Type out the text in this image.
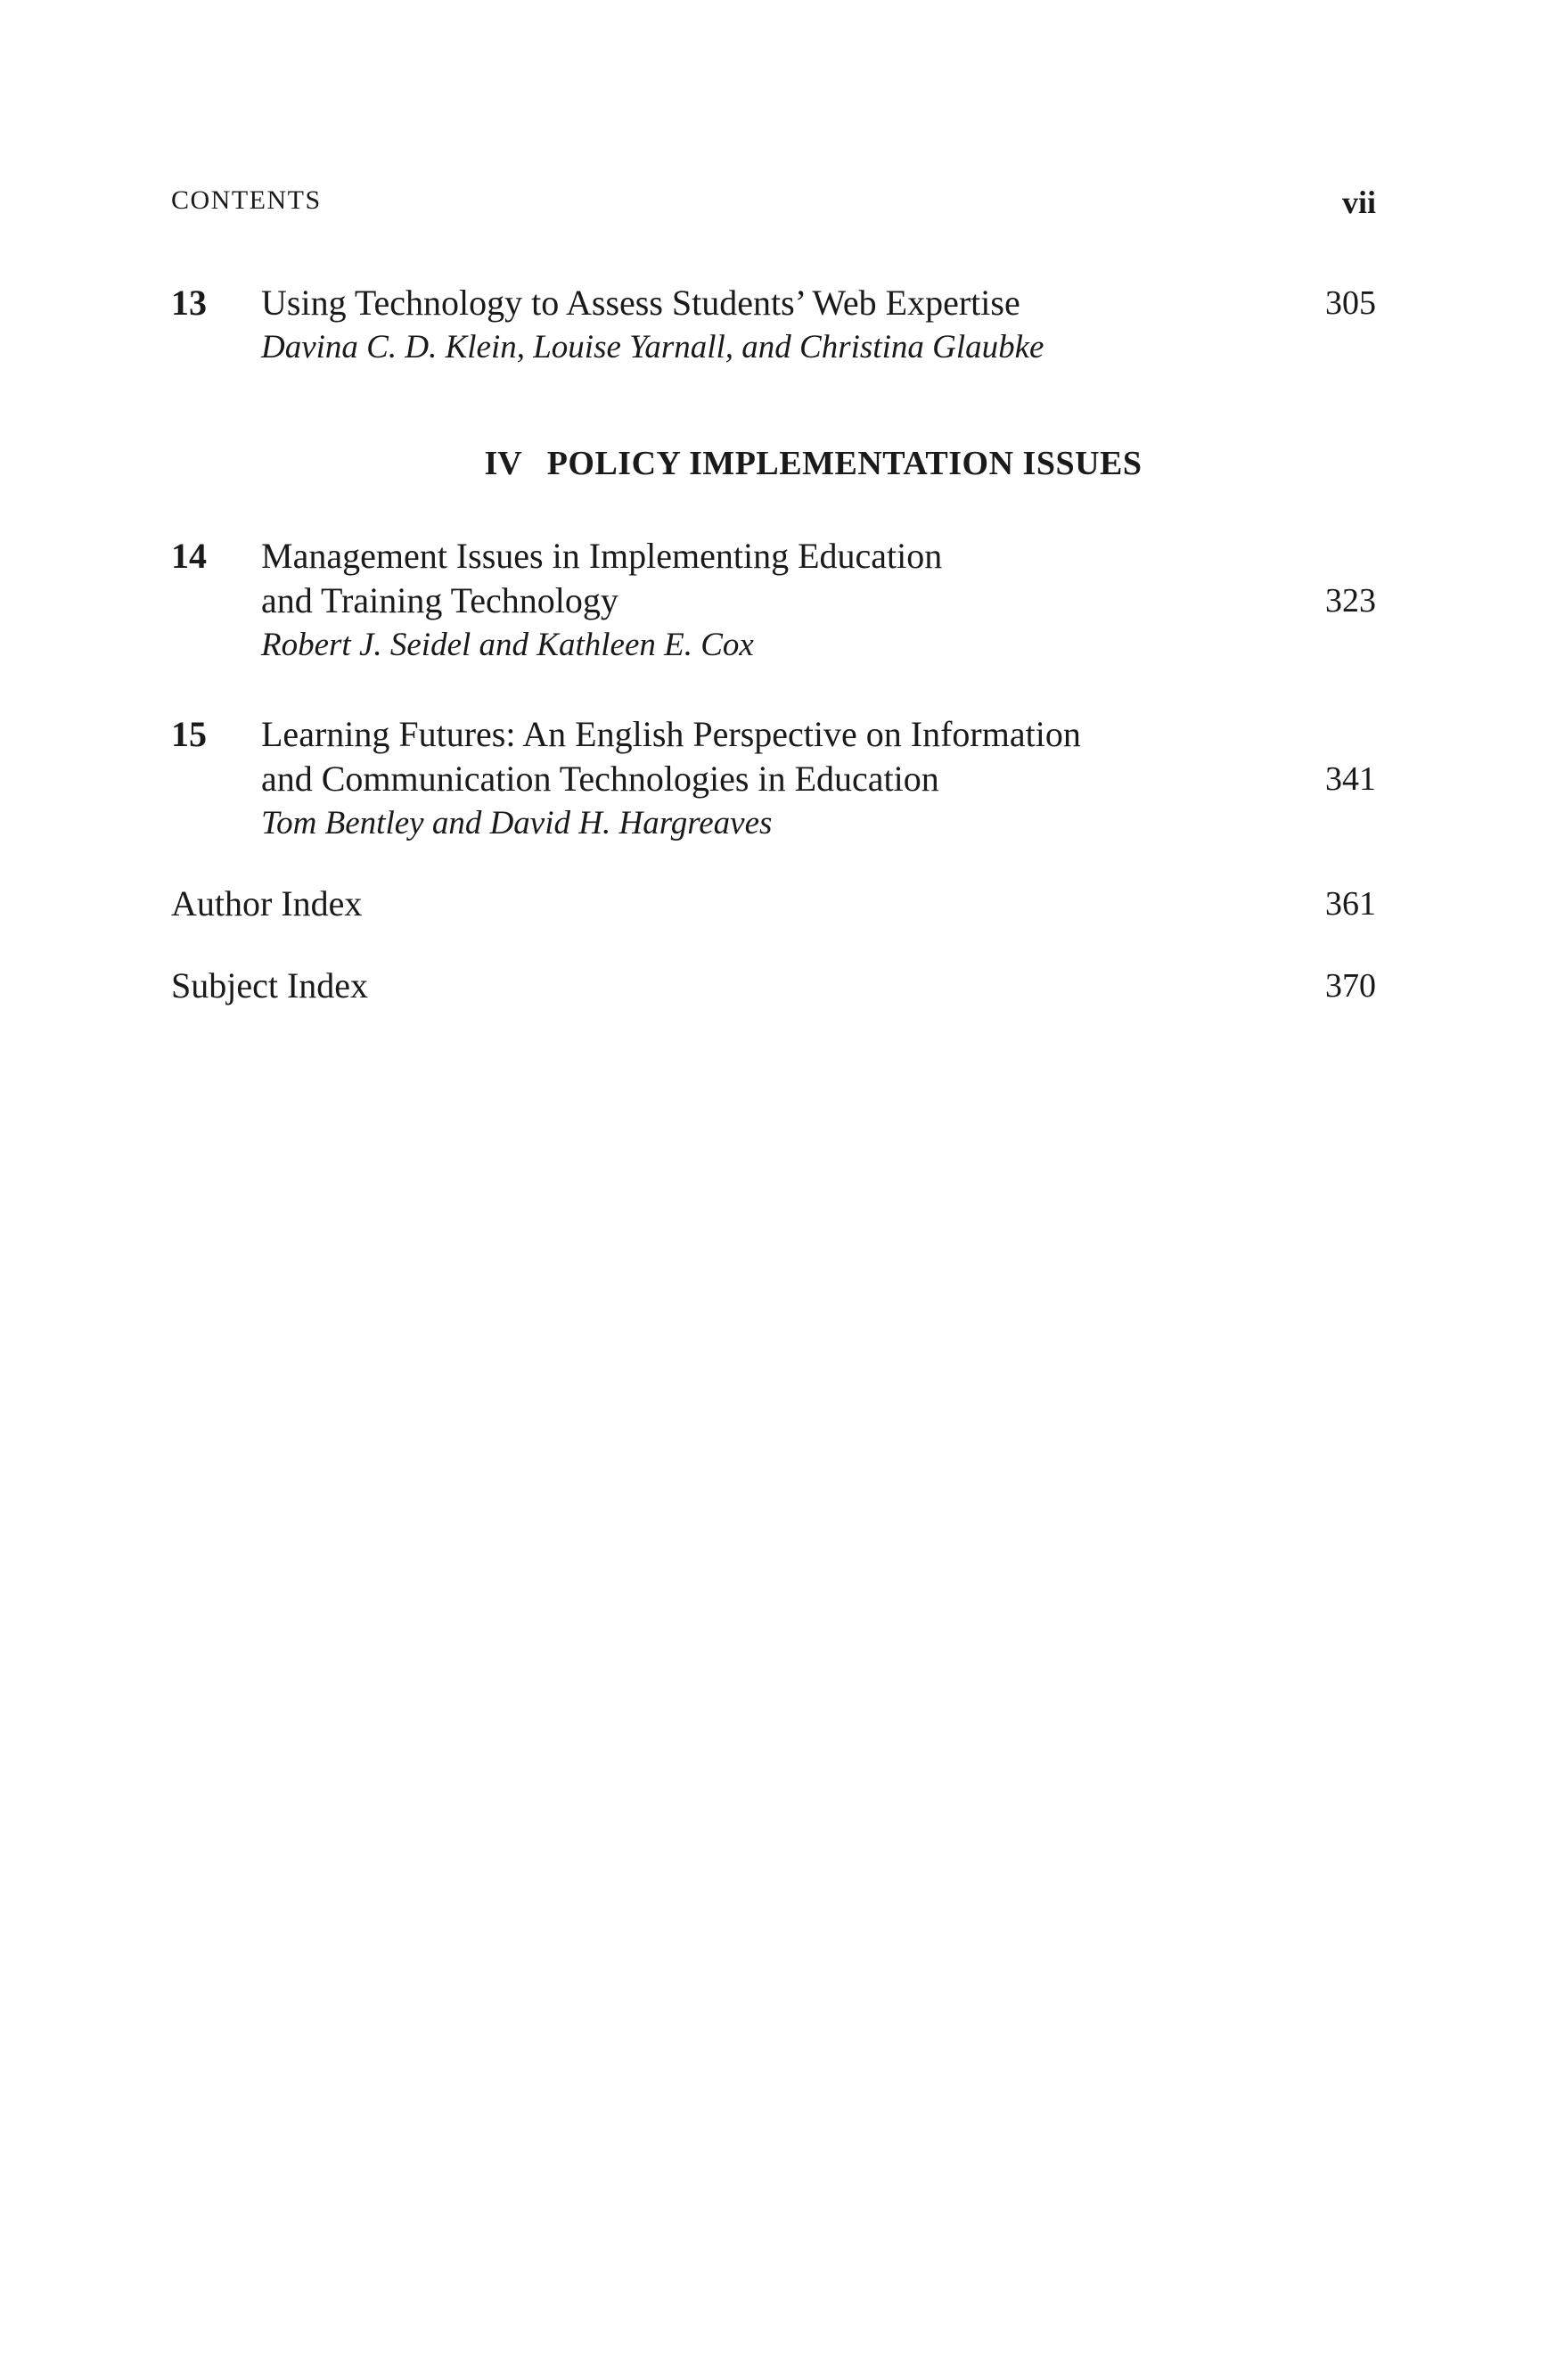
CONTENTS	vii
13 Using Technology to Assess Students’ Web Expertise	305
Davina C. D. Klein, Louise Yarnall, and Christina Glaubke
IV POLICY IMPLEMENTATION ISSUES
14 Management Issues in Implementing Education
and Training Technology	323
Robert J. Seidel and Kathleen E. Cox
15 Learning Futures: An English Perspective on Information
and Communication Technologies in Education	341
Tom Bentley and David H. Hargreaves
Author Index	361
Subject Index	370
